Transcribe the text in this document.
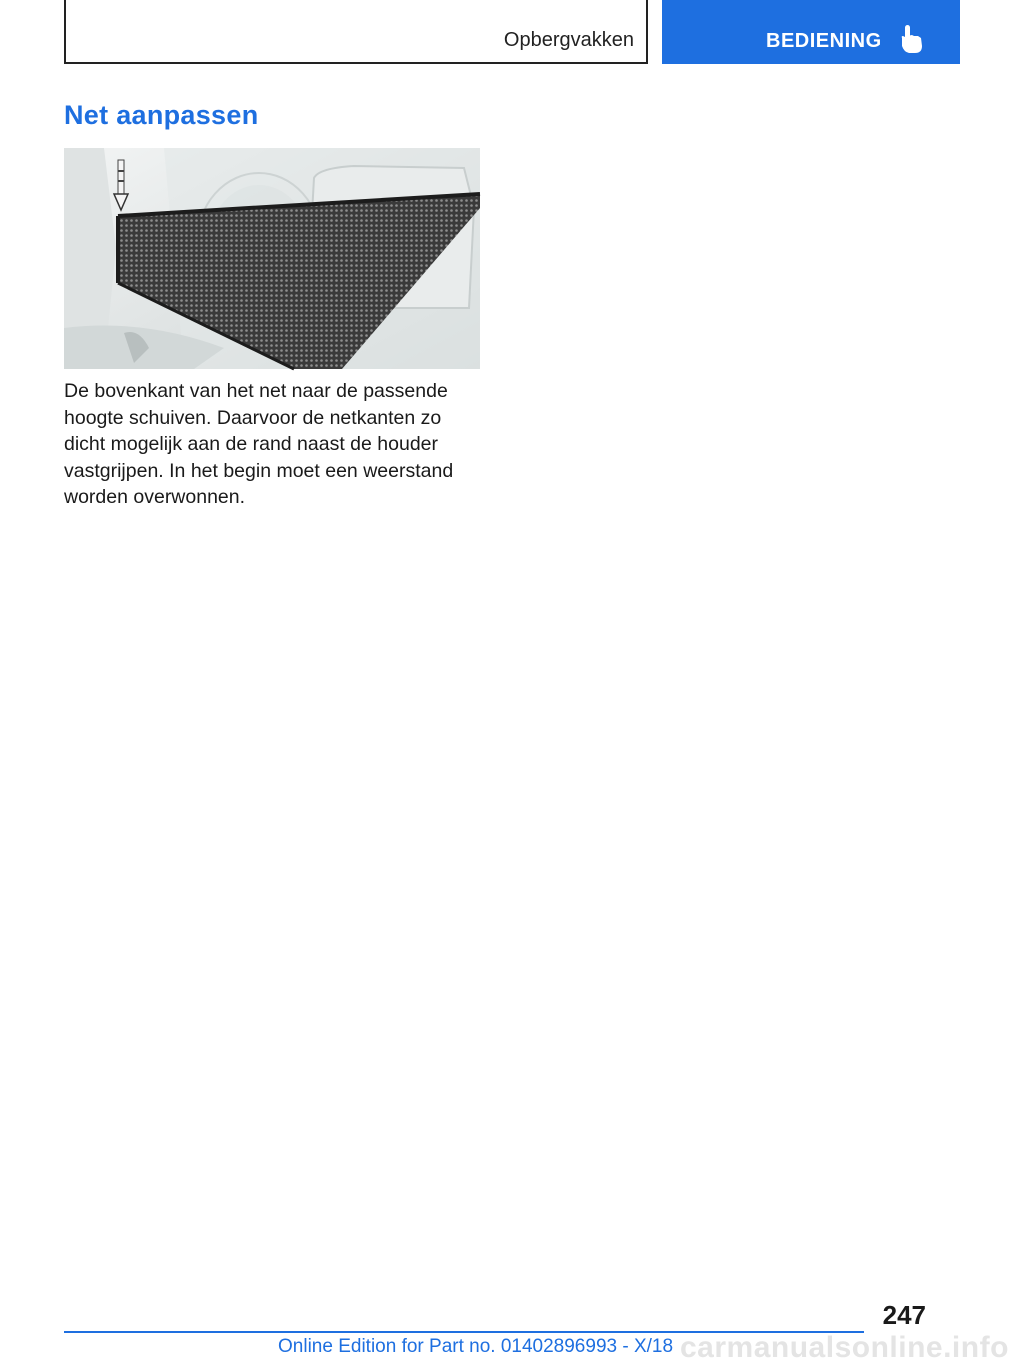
Opbergvakken	BEDIENING
Net aanpassen

De bovenkant van het net naar de passende hoogte schuiven. Daarvoor de netkanten zo dicht mogelijk aan de rand naast de houder vastgrijpen. In het begin moet een weerstand worden overwonnen.

247
Online Edition for Part no. 01402896993 - X/18 carmanualsonline.info
